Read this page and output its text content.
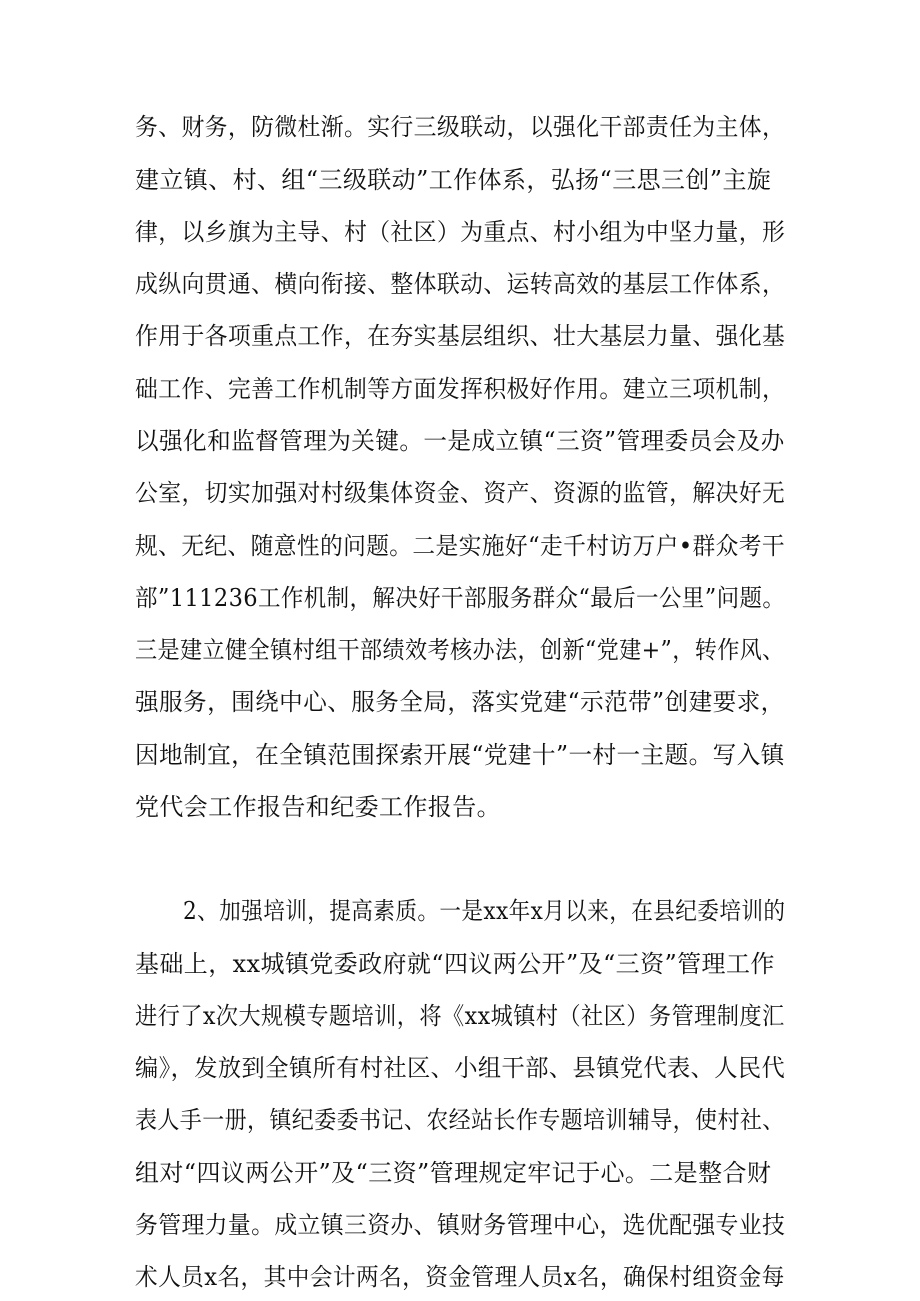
务、财务，防微杜渐。实行三级联动，以强化干部责任为主体，
建立镇、村、组“三级联动”工作体系，弘扬“三思三创”主旋
律，以乡旗为主导、村（社区）为重点、村小组为中坚力量，形
成纵向贯通、横向衔接、整体联动、运转高效的基层工作体系，
作用于各项重点工作，在夯实基层组织、壮大基层力量、强化基
础工作、完善工作机制等方面发挥积极好作用。建立三项机制，
以强化和监督管理为关键。一是成立镇“三资”管理委员会及办
公室，切实加强对村级集体资金、资产、资源的监管，解决好无
规、无纪、随意性的问题。二是实施好“走千村访万户•群众考干
部”111236工作机制，解决好干部服务群众“最后一公里”问题。
三是建立健全镇村组干部绩效考核办法，创新“党建+”，转作风、
强服务，围绕中心、服务全局，落实党建“示范带”创建要求，
因地制宜，在全镇范围探索开展“党建十”一村一主题。写入镇
党代会工作报告和纪委工作报告。
2、加强培训，提高素质。一是xx年x月以来，在县纪委培训的
基础上，xx城镇党委政府就“四议两公开”及“三资”管理工作
进行了x次大规模专题培训，将《xx城镇村（社区）务管理制度汇
编》，发放到全镇所有村社区、小组干部、县镇党代表、人民代
表人手一册，镇纪委委书记、农经站长作专题培训辅导，使村社、
组对“四议两公开”及“三资”管理规定牢记于心。二是整合财
务管理力量。成立镇三资办、镇财务管理中心，选优配强专业技
术人员x名，其中会计两名，资金管理人员x名，确保村组资金每
